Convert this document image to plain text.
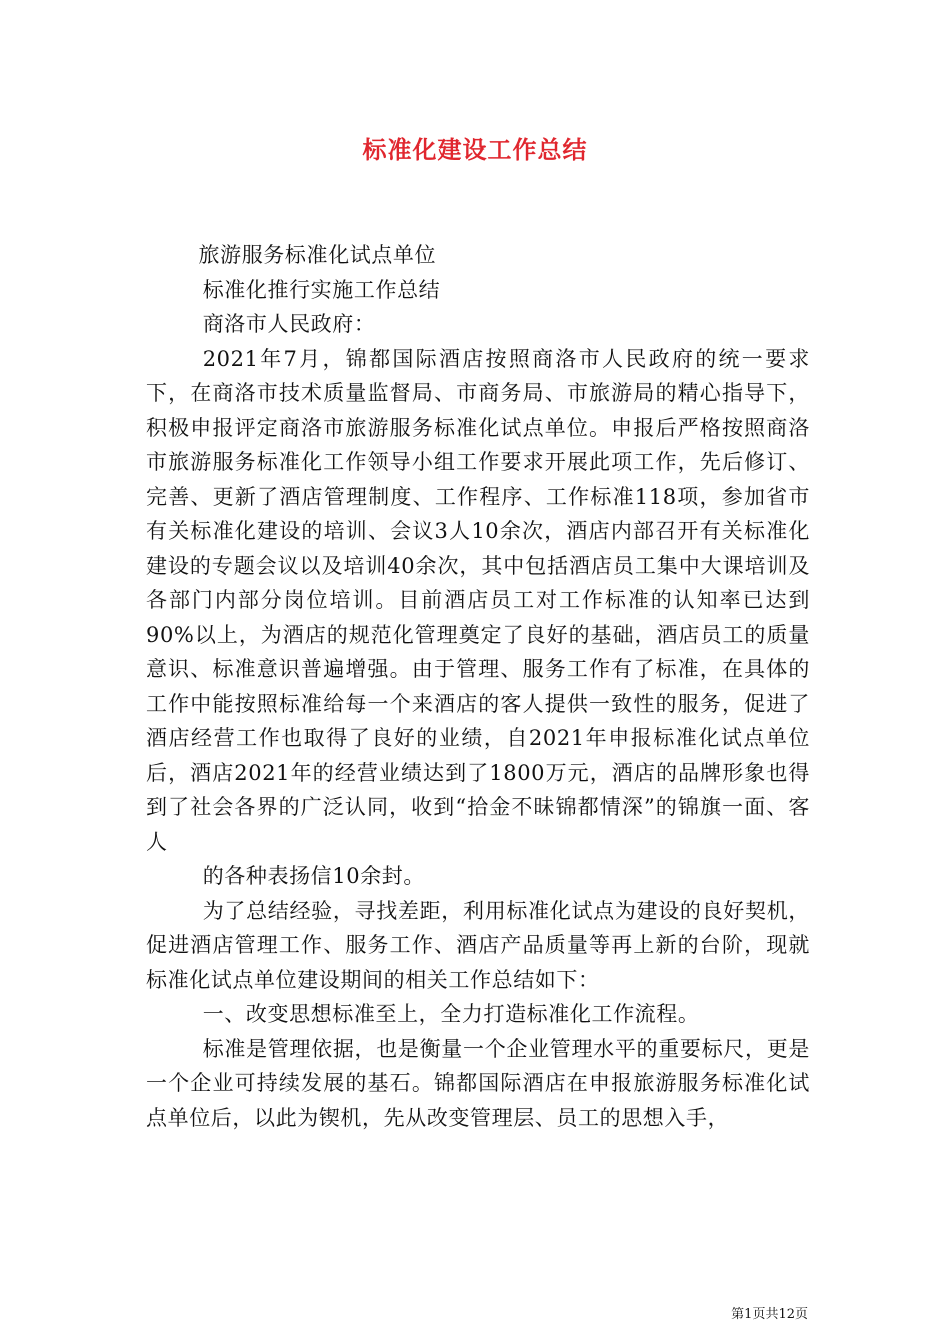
标准化建设工作总结

旅游服务标准化试点单位

标准化推行实施工作总结

商洛市人民政府：

2021年7月，锦都国际酒店按照商洛市人民政府的统一要求下，在商洛市技术质量监督局、市商务局、市旅游局的精心指导下，积极申报评定商洛市旅游服务标准化试点单位。申报后严格按照商洛市旅游服务标准化工作领导小组工作要求开展此项工作，先后修订、完善、更新了酒店管理制度、工作程序、工作标准118项，参加省市有关标准化建设的培训、会议3人10余次，酒店内部召开有关标准化建设的专题会议以及培训40余次，其中包括酒店员工集中大课培训及各部门内部分岗位培训。目前酒店员工对工作标准的认知率已达到90%以上，为酒店的规范化管理奠定了良好的基础，酒店员工的质量意识、标准意识普遍增强。由于管理、服务工作有了标准，在具体的工作中能按照标准给每一个来酒店的客人提供一致性的服务，促进了酒店经营工作也取得了良好的业绩，自2021年申报标准化试点单位后，酒店2021年的经营业绩达到了1800万元，酒店的品牌形象也得到了社会各界的广泛认同，收到“拾金不昧锦都情深”的锦旗一面、客人

的各种表扬信10余封。

为了总结经验，寻找差距，利用标准化试点为建设的良好契机，促进酒店管理工作、服务工作、酒店产品质量等再上新的台阶，现就标准化试点单位建设期间的相关工作总结如下：

一、改变思想标准至上，全力打造标准化工作流程。

标准是管理依据，也是衡量一个企业管理水平的重要标尺，更是一个企业可持续发展的基石。锦都国际酒店在申报旅游服务标准化试点单位后，以此为锲机，先从改变管理层、员工的思想入手，

第1页共12页
